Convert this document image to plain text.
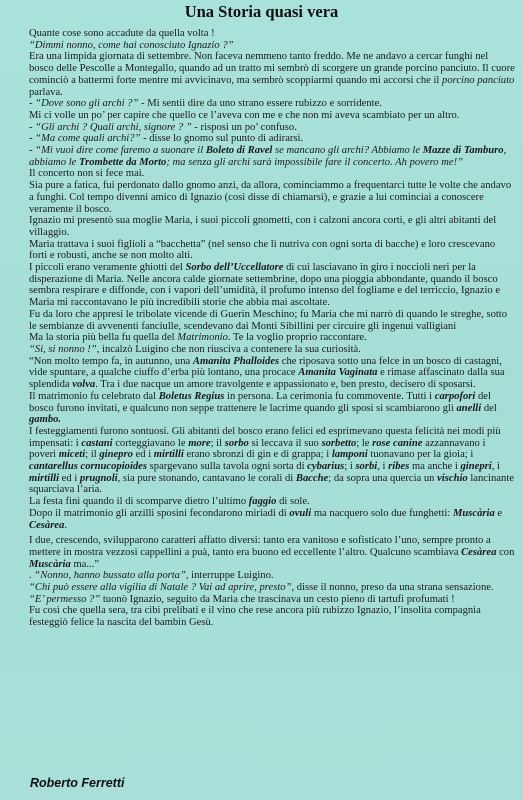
Una Storia quasi vera

Quante cose sono accadute da quella volta !

“Dimmi nonno, come hai conosciuto Ignazio ?”

Era una limpida giornata di settembre. Non faceva nemmeno tanto freddo. Me ne andavo a cercar funghi nel bosco delle Pescolle a Montegallo, quando ad un tratto mi sembrò di scorgere un grande porcino panciuto. Il cuore cominciò a battermi forte mentre mi avvicinavo, ma sembrò scoppiarmi quando mi accorsi che il porcino panciuto parlava.

- “Dove sono gli archi ?” - Mi sentii dire da uno strano essere rubizzo e sorridente.

Mi ci volle un po’ per capire che quello ce l’aveva con me e che non mi aveva scambiato per un altro.

- “Gli archi ? Quali archi, signore ? ” - risposi un po’ confuso.

- “Ma come quali archi?” - disse lo gnomo sul punto di adirarsi.

- “Mi vuoi dire come faremo a suonare il Boleto di Ravel se mancano gli archi? Abbiamo le Mazze di Tamburo, abbiamo le Trombette da Morto; ma senza gli archi sarà impossibile fare il concerto. Ah povero me!”

Il concerto non si fece mai.

Sia pure a fatica, fui perdonato dallo gnomo anzi, da allora, cominciammo a frequentarci tutte le volte che andavo a funghi. Col tempo divenni amico di Ignazio (così disse di chiamarsi), e grazie a lui cominciai a conoscere veramente il bosco.

Ignazio mi presentò sua moglie Maria, i suoi piccoli gnometti, con i calzoni ancora corti, e gli altri abitanti del villaggio.

Maria trattava i suoi figlioli a “bacchetta” (nel senso che li nutriva con ogni sorta di bacche) e loro crescevano forti e robusti, anche se non molto alti.

I piccoli erano veramente ghiotti del Sorbo dell’Uccellatore di cui lasciavano in giro i noccioli neri per la disperazione di Maria. Nelle ancora calde giornate settembrine, dopo una pioggia abbondante, quando il bosco sembra respirare e diffonde, con i vapori dell’umidità, il profumo intenso del fogliame e del terriccio, Ignazio e Maria mi raccontavano le più incredibili storie che abbia mai ascoltate.

Fu da loro che appresi le tribolate vicende di Guerin Meschino; fu Maria che mi narrò di quando le streghe, sotto le sembianze di avvenenti fanciulle, scendevano dai Monti Sibillini per circuire gli ingenui valligiani

Ma la storia più bella fu quella del Matrimonio. Te la voglio proprio raccontare.

“Si, si nonno !”, incalzò Luigino che non riusciva a contenere la sua curiosità.

“Non molto tempo fa, in autunno, una Amanita Phalloides che riposava sotto una felce in un bosco di castagni, vide spuntare, a qualche ciuffo d’erba più lontano, una procace Amanita Vaginata e rimase affascinato dalla sua splendida volva. Tra i due nacque un amore travolgente e appassionato e, ben presto, decisero di sposarsi.

Il matrimonio fu celebrato dal Boletus Regius in persona. La cerimonia fu commovente. Tutti i carpofori del bosco furono invitati, e qualcuno non seppe trattenere le lacrime quando gli sposi si scambiarono gli anelli del gambo.

I festeggiamenti furono sontuosi. Gli abitanti del bosco erano felici ed esprimevano questa felicità nei modi più impensati: i castani corteggiavano le more; il sorbo si leccava il suo sorbetto; le rose canine azzannavano i poveri miceti; il ginepro ed i mirtilli erano sbronzi di gin e di grappa; i lamponi tuonavano per la gioia; i cantarellus cornucopioides spargevano sulla tavola ogni sorta di cybarius; i sorbi, i ribes ma anche i ginepri, i mirtilli ed i prugnoli, sia pure stonando, cantavano le corali di Bacche; da sopra una quercia un vischio lancinante squarciava l’aria.

La festa finì quando il di scomparve dietro l’ultimo faggio di sole.

Dopo il matrimonio gli arzilli sposini fecondarono miriadi di ovuli ma nacquero solo due funghetti: Muscària e Cesàrea.

I due, crescendo, svilupparono caratteri affatto diversi: tanto era vanitoso e sofisticato l’uno, sempre pronto a mettere in mostra vezzosi cappellini a puà, tanto era buono ed eccellente l’altro. Qualcuno scambiava Cesàrea con Muscària ma...”

. “Nonno, hanno bussato alla porta”, interruppe Luigino.

“Chi può essere alla vigilia di Natale ? Vai ad aprire, presto”, disse il nonno, preso da una strana sensazione.

“E’ permesso ?” tuonò Ignazio, seguito da Maria che trascinava un cesto pieno di tartufi profumati !

Fu così che quella sera, tra cibi prelibati e il vino che rese ancora più rubizzo Ignazio, l’insolita compagnia festeggiò felice la nascita del bambin Gesù.

Roberto Ferretti
